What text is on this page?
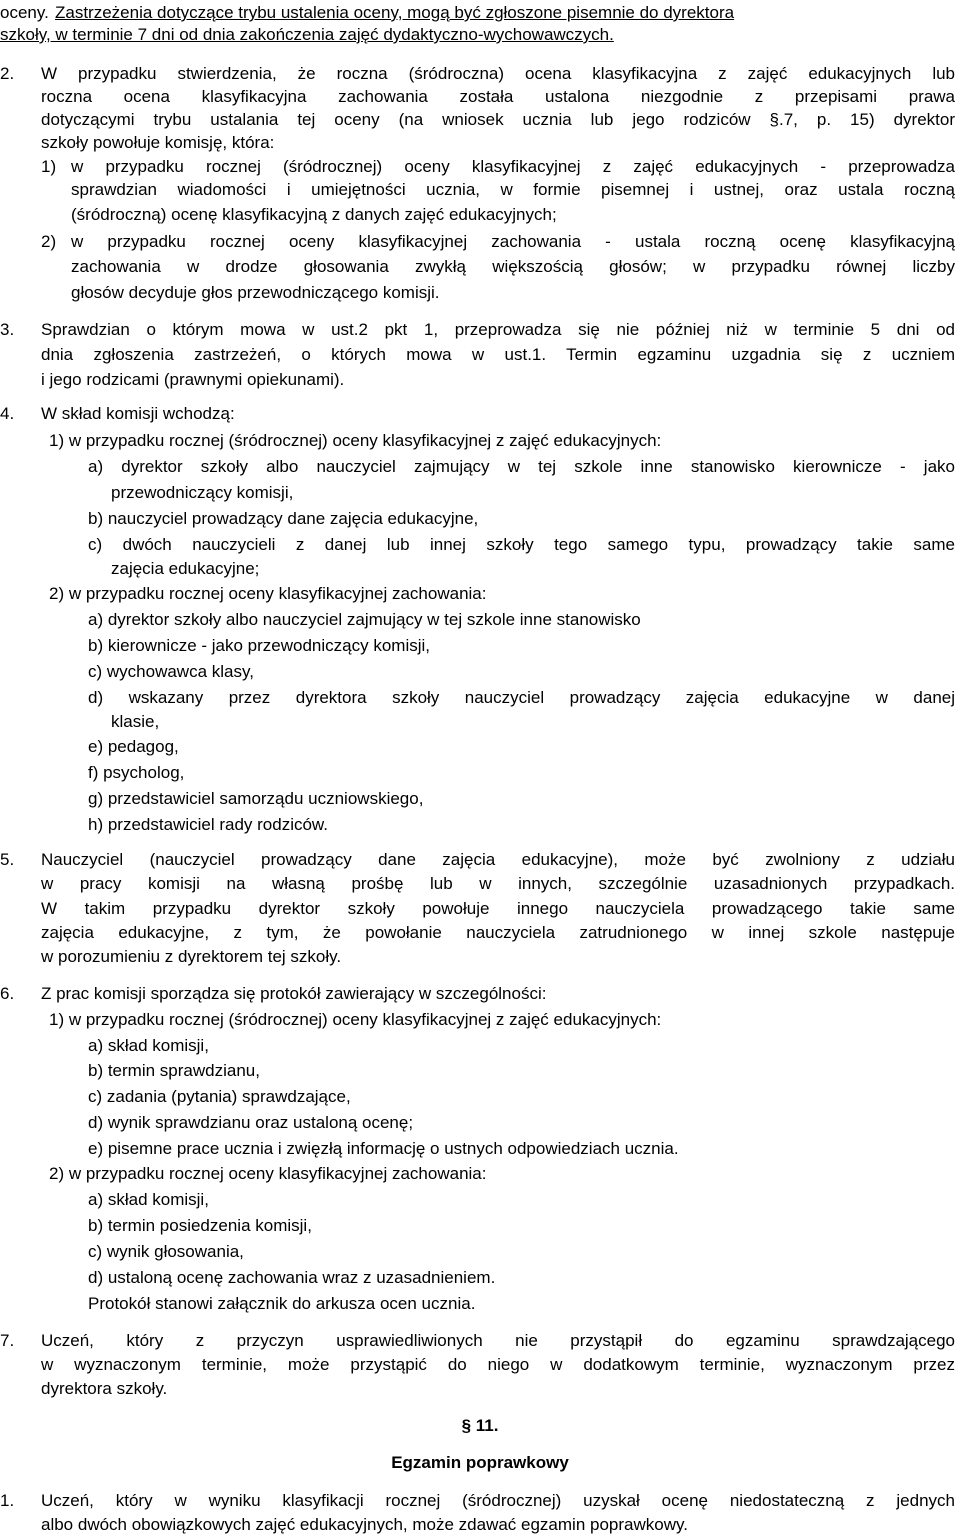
oceny. Zastrzeżenia dotyczące trybu ustalenia oceny, mogą być zgłoszone pisemnie do dyrektora
szkoły, w terminie 7 dni od dnia zakończenia zajęć dydaktyczno-wychowawczych.
2. W przypadku stwierdzenia, że roczna (śródroczna) ocena klasyfikacyjna z zajęć edukacyjnych lub
roczna ocena klasyfikacyjna zachowania została ustalona niezgodnie z przepisami prawa
dotyczącymi trybu ustalania tej oceny (na wniosek ucznia lub jego rodziców §.7, p. 15) dyrektor
szkoły powołuje komisję, która:
1) w przypadku rocznej (śródrocznej) oceny klasyfikacyjnej z zajęć edukacyjnych - przeprowadza
sprawdzian wiadomości i umiejętności ucznia, w formie pisemnej i ustnej, oraz ustala roczną
(śródroczną) ocenę klasyfikacyjną z danych zajęć edukacyjnych;
2) w przypadku rocznej oceny klasyfikacyjnej zachowania - ustala roczną ocenę klasyfikacyjną
zachowania w drodze głosowania zwykłą większością głosów; w przypadku równej liczby
głosów decyduje głos przewodniczącego komisji.
3. Sprawdzian o którym mowa w ust.2 pkt 1, przeprowadza się nie później niż w terminie 5 dni od
dnia zgłoszenia zastrzeżeń, o których mowa w ust.1. Termin egzaminu uzgadnia się z uczniem
i jego rodzicami (prawnymi opiekunami).
4. W skład komisji wchodzą:
1) w przypadku rocznej (śródrocznej) oceny klasyfikacyjnej z zajęć edukacyjnych:
a) dyrektor szkoły albo nauczyciel zajmujący w tej szkole inne stanowisko kierownicze - jako
przewodniczący komisji,
b) nauczyciel prowadzący dane zajęcia edukacyjne,
c) dwóch nauczycieli z danej lub innej szkoły tego samego typu, prowadzący takie same
zajęcia edukacyjne;
2) w przypadku rocznej oceny klasyfikacyjnej zachowania:
a) dyrektor szkoły albo nauczyciel zajmujący w tej szkole inne stanowisko
b) kierownicze - jako przewodniczący komisji,
c) wychowawca klasy,
d) wskazany przez dyrektora szkoły nauczyciel prowadzący zajęcia edukacyjne w danej
klasie,
e) pedagog,
f) psycholog,
g) przedstawiciel samorządu uczniowskiego,
h) przedstawiciel rady rodziców.
5. Nauczyciel (nauczyciel prowadzący dane zajęcia edukacyjne), może być zwolniony z udziału
w pracy komisji na własną prośbę lub w innych, szczególnie uzasadnionych przypadkach.
W takim przypadku dyrektor szkoły powołuje innego nauczyciela prowadzącego takie same
zajęcia edukacyjne, z tym, że powołanie nauczyciela zatrudnionego w innej szkole następuje
w porozumieniu z dyrektorem tej szkoły.
6. Z prac komisji sporządza się protokół zawierający w szczególności:
1) w przypadku rocznej (śródrocznej) oceny klasyfikacyjnej z zajęć edukacyjnych:
a) skład komisji,
b) termin sprawdzianu,
c) zadania (pytania) sprawdzające,
d) wynik sprawdzianu oraz ustaloną ocenę;
e) pisemne prace ucznia i zwięzłą informację o ustnych odpowiedziach ucznia.
2) w przypadku rocznej oceny klasyfikacyjnej zachowania:
a) skład komisji,
b) termin posiedzenia komisji,
c) wynik głosowania,
d) ustaloną ocenę zachowania wraz z uzasadnieniem.
Protokół stanowi załącznik do arkusza ocen ucznia.
7. Uczeń, który z przyczyn usprawiedliwionych nie przystąpił do egzaminu sprawdzającego
w wyznaczonym terminie, może przystąpić do niego w dodatkowym terminie, wyznaczonym przez
dyrektora szkoły.
§ 11.
Egzamin poprawkowy
1. Uczeń, który w wyniku klasyfikacji rocznej (śródrocznej) uzyskał ocenę niedostateczną z jednych
albo dwóch obowiązkowych zajęć edukacyjnych, może zdawać egzamin poprawkowy.
